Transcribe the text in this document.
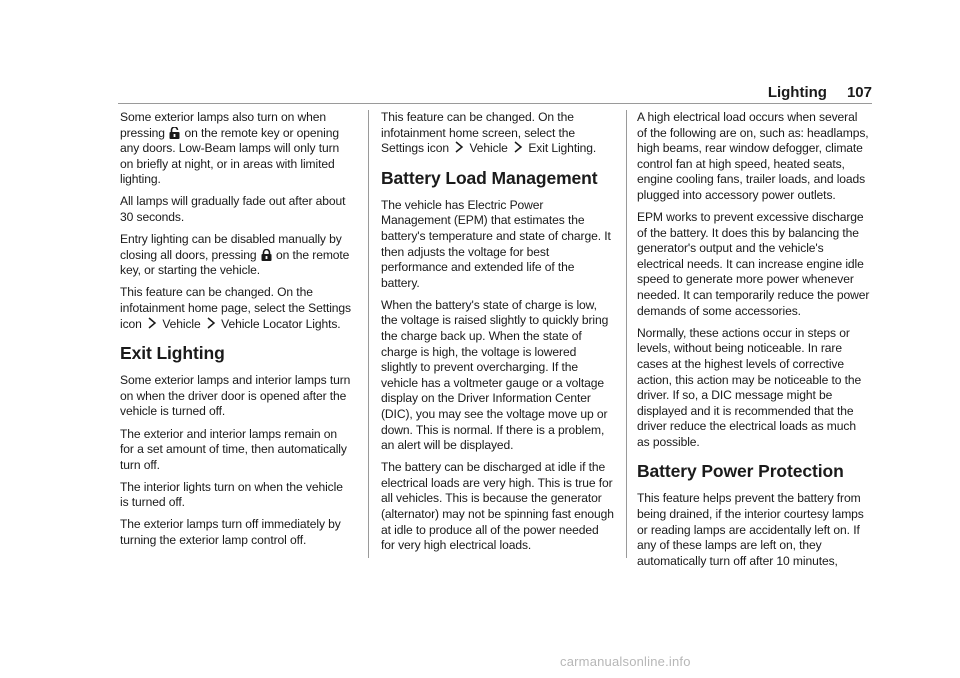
Lighting 107

Some exterior lamps also turn on when pressing on the remote key or opening any doors. Low-Beam lamps will only turn on briefly at night, or in areas with limited lighting.

All lamps will gradually fade out after about 30 seconds.

Entry lighting can be disabled manually by closing all doors, pressing on the remote key, or starting the vehicle.

This feature can be changed. On the infotainment home page, select the Settings icon Vehicle Vehicle Locator Lights.

Exit Lighting

Some exterior lamps and interior lamps turn on when the driver door is opened after the vehicle is turned off.

The exterior and interior lamps remain on for a set amount of time, then automatically turn off.

The interior lights turn on when the vehicle is turned off.

The exterior lamps turn off immediately by turning the exterior lamp control off.

This feature can be changed. On the infotainment home screen, select the Settings icon Vehicle Exit Lighting.

Battery Load Management

The vehicle has Electric Power Management (EPM) that estimates the battery's temperature and state of charge. It then adjusts the voltage for best performance and extended life of the battery.

When the battery's state of charge is low, the voltage is raised slightly to quickly bring the charge back up. When the state of charge is high, the voltage is lowered slightly to prevent overcharging. If the vehicle has a voltmeter gauge or a voltage display on the Driver Information Center (DIC), you may see the voltage move up or down. This is normal. If there is a problem, an alert will be displayed.

The battery can be discharged at idle if the electrical loads are very high. This is true for all vehicles. This is because the generator (alternator) may not be spinning fast enough at idle to produce all of the power needed for very high electrical loads.

A high electrical load occurs when several of the following are on, such as: headlamps, high beams, rear window defogger, climate control fan at high speed, heated seats, engine cooling fans, trailer loads, and loads plugged into accessory power outlets.

EPM works to prevent excessive discharge of the battery. It does this by balancing the generator's output and the vehicle's electrical needs. It can increase engine idle speed to generate more power whenever needed. It can temporarily reduce the power demands of some accessories.

Normally, these actions occur in steps or levels, without being noticeable. In rare cases at the highest levels of corrective action, this action may be noticeable to the driver. If so, a DIC message might be displayed and it is recommended that the driver reduce the electrical loads as much as possible.

Battery Power Protection

This feature helps prevent the battery from being drained, if the interior courtesy lamps or reading lamps are accidentally left on. If any of these lamps are left on, they automatically turn off after 10 minutes,

carmanualsonline.info
